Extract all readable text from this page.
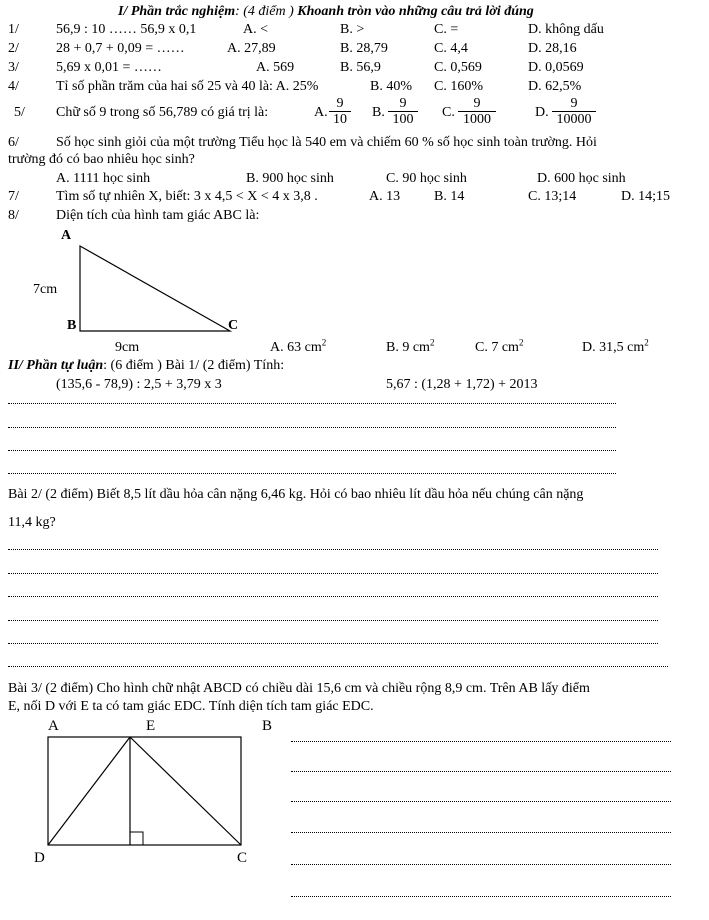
I/ Phần trắc nghiệm: (4 điểm ) Khoanh tròn vào những câu trả lời đúng
1/	56,9 : 10 …… 56,9 x 0,1	A. <	B. >	C. =	D. không dấu
2/	28 + 0,7 + 0,09 = ……	A. 27,89	B. 28,79	C. 4,4	D. 28,16
3/	5,69 x 0,01 = ……	A. 569	B. 56,9	C. 0,569	D. 0,0569
4/	Tỉ số phần trăm của hai số 25 và 40 là: A. 25%	B. 40% C. 160%	D. 62,5%
5/ Chữ số 9 trong số 56,789 có giá trị là:	A. $\frac{9}{10} B$. $\frac{9}{100} C$. $\frac{9}{1000}$	D. $\frac{9}{10000}$
6/	Số học sinh giỏi của một trường Tiểu học là 540 em và chiếm 60 % số học sinh toàn trường. Hỏi
trường đó có bao nhiêu học sinh?
A. 1111 học sinh	B. 900 học sinh	C. 90 học sinh	D. 600 học sinh
7/	Tìm số tự nhiên X, biết: 3 x 4,5 < X < 4 x 3,8 .	A. 13 B. 14	C. 13;14	D. 14;15
8/	Diện tích của hình tam giác ABC là:
A
7cm
B	C
9cm	A. 63 $cm^2$	B. 9 $cm^2$	C. 7 $cm^2$	D. 31,5 $cm^2$
II/ Phần tự luận: (6 điểm ) Bài 1/ (2 điểm) Tính:
(135,6 - 78,9) : 2,5 + 3,79 x 3	5,67 : (1,28 + 1,72) + 2013
Bài 2/ (2 điểm) Biết 8,5 lít dầu hỏa cân nặng 6,46 kg. Hỏi có bao nhiêu lít dầu hỏa nếu chúng cân nặng
11,4 kg?
Bài 3/ (2 điểm) Cho hình chữ nhật ABCD có chiều dài 15,6 cm và chiều rộng 8,9 cm. Trên AB lấy điểm
E, nối D với E ta có tam giác EDC. Tính diện tích tam giác EDC.
A	E	B
D	C
